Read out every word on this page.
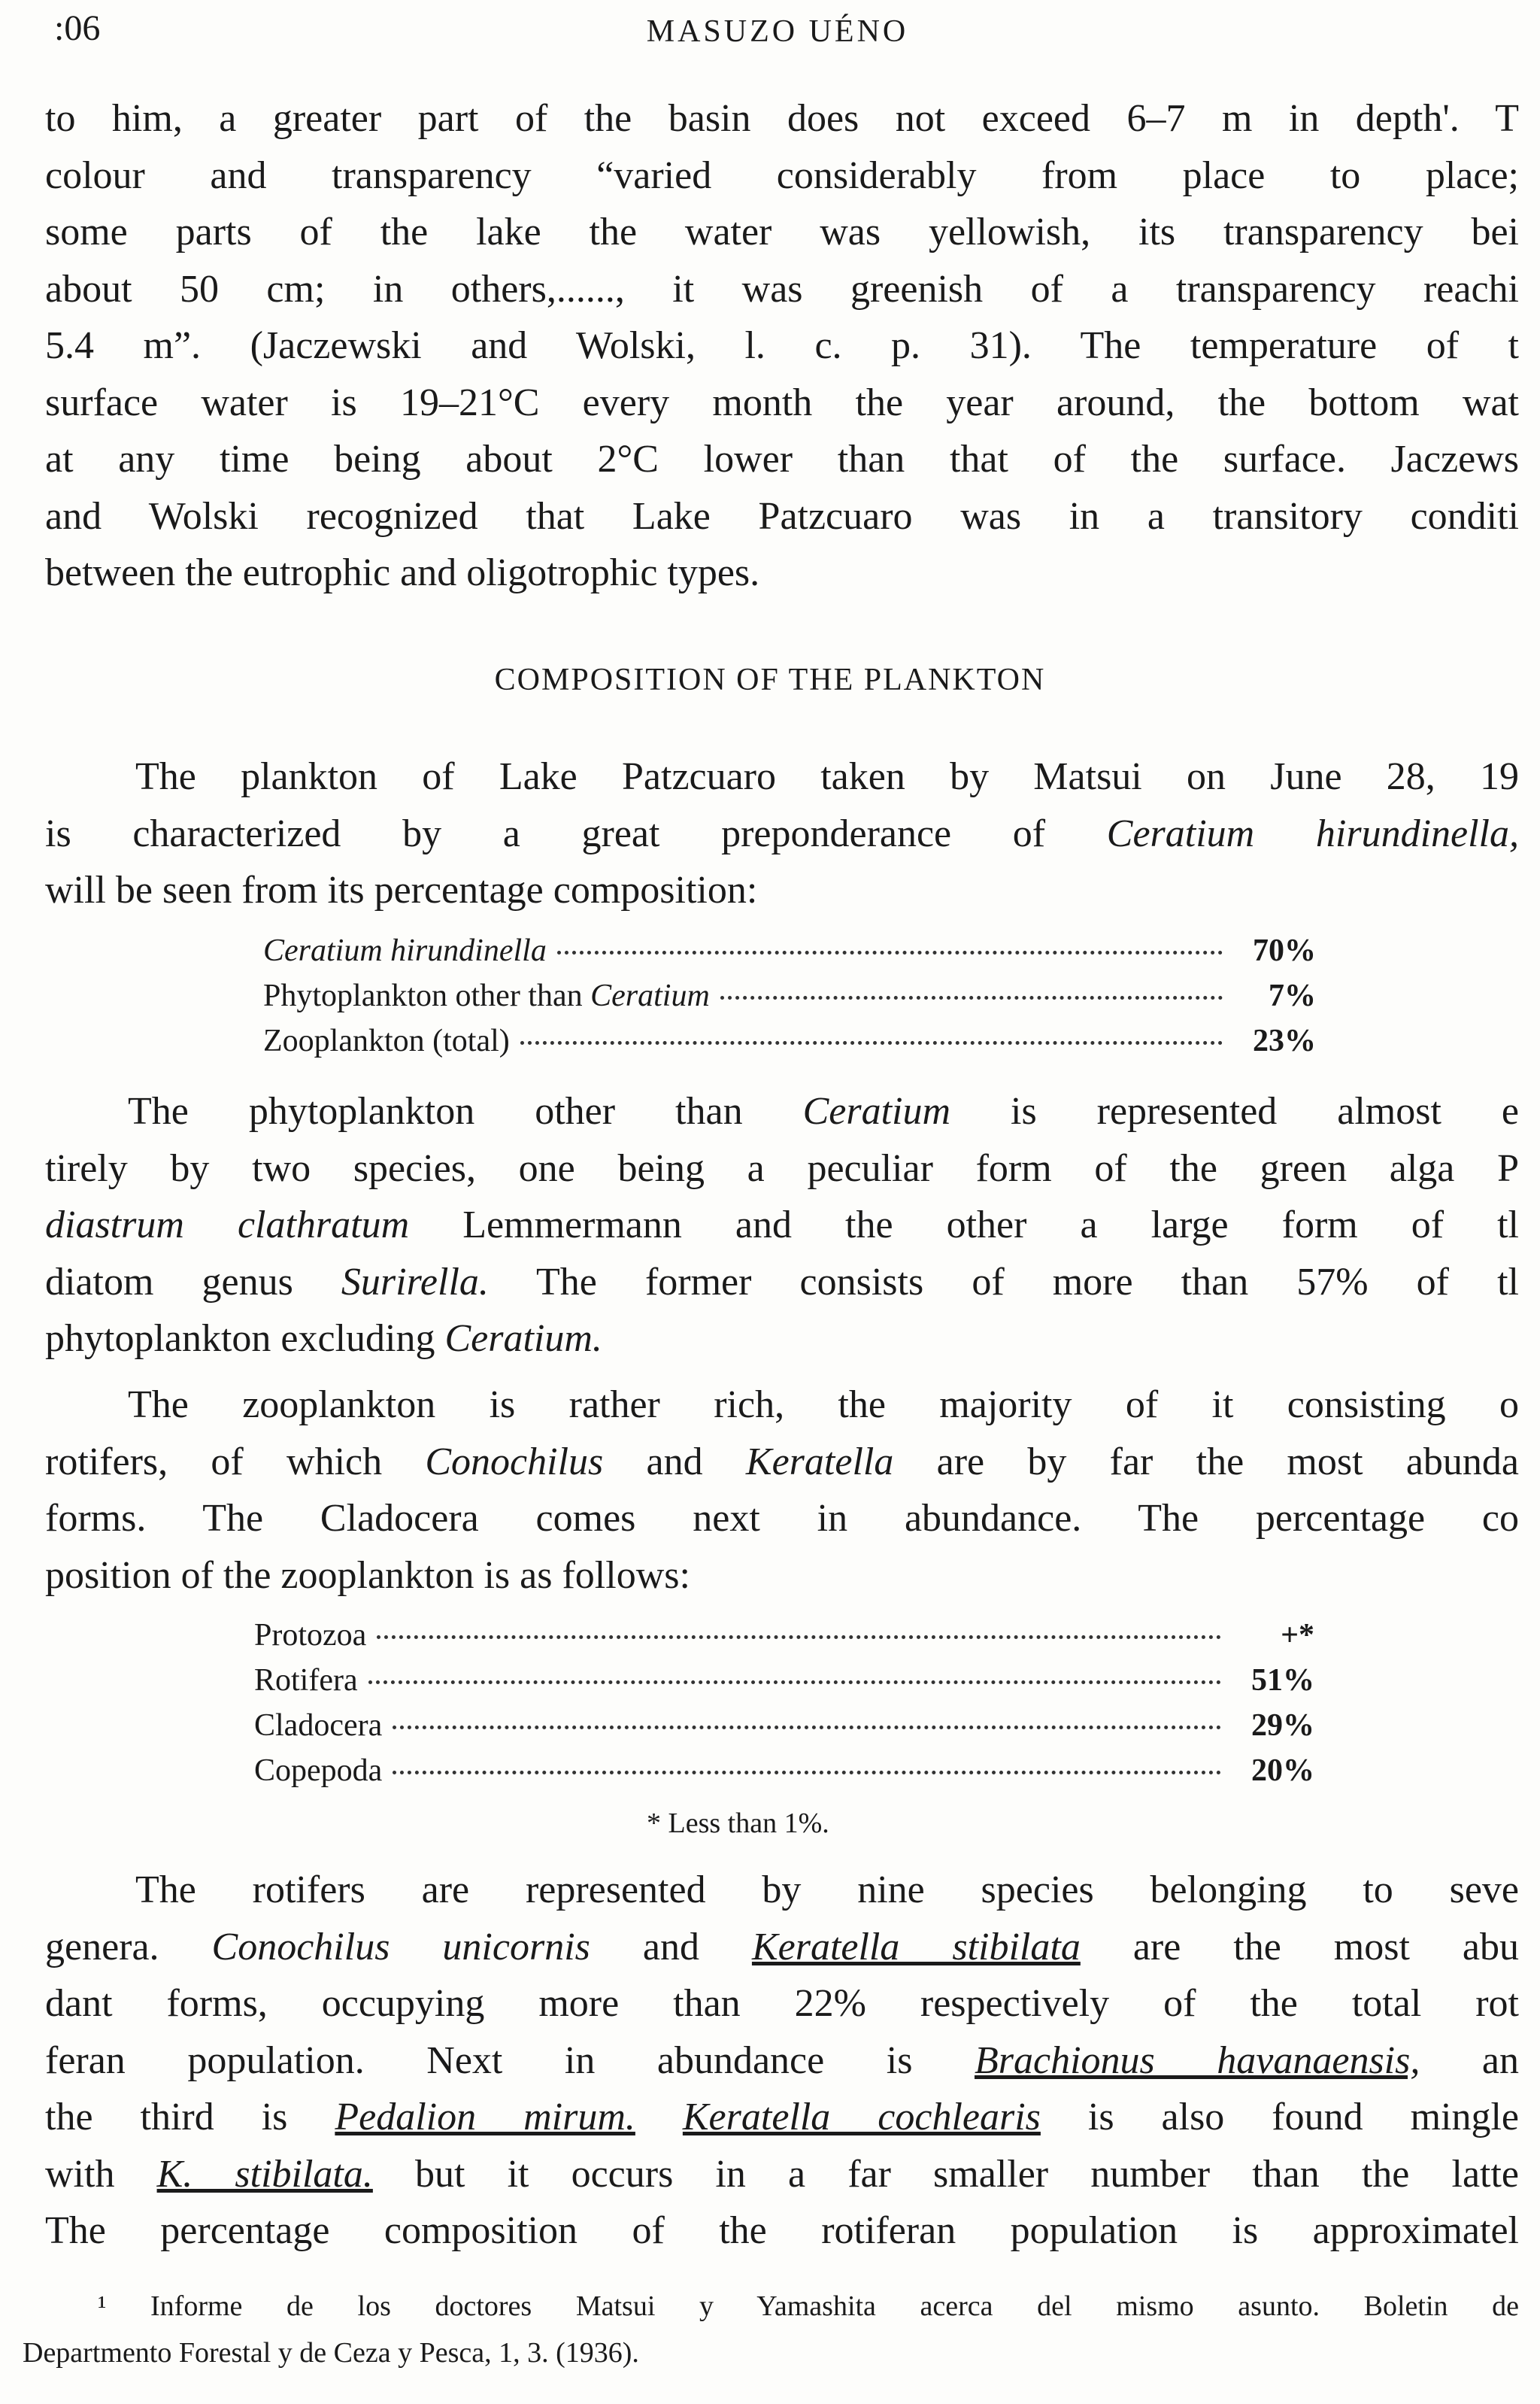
:06	MASUZO UÉNO

to him, a greater part of the basin does not exceed 6–7 m in depth'. T

colour and transparency “varied considerably from place to place;

some parts of the lake the water was yellowish, its transparency bei

about 50 cm; in others,......, it was greenish of a transparency reachi

5.4 m”. (Jaczewski and Wolski, l. c. p. 31). The temperature of t

surface water is 19–21°C every month the year around, the bottom wat

at any time being about 2°C lower than that of the surface. Jaczews

and Wolski recognized that Lake Patzcuaro was in a transitory conditi

between the eutrophic and oligotrophic types.

COMPOSITION OF THE PLANKTON

The plankton of Lake Patzcuaro taken by Matsui on June 28, 19

is characterized by a great preponderance of Ceratium hirundinella,

will be seen from its percentage composition:

Ceratium hirundinella	70%
Phytoplankton other than Ceratium	7%
Zooplankton (total)	23%

The phytoplankton other than Ceratium is represented almost e

tirely by two species, one being a peculiar form of the green alga P

diastrum clathratum Lemmermann and the other a large form of tl

diatom genus Surirella. The former consists of more than 57% of tl

phytoplankton excluding Ceratium.

The zooplankton is rather rich, the majority of it consisting o

rotifers, of which Conochilus and Keratella are by far the most abunda

forms. The Cladocera comes next in abundance. The percentage co

position of the zooplankton is as follows:

Protozoa	+*
Rotifera	51%
Cladocera	29%
Copepoda	20%
* Less than 1%.

The rotifers are represented by nine species belonging to seve

genera. Conochilus unicornis and Keratella stibilata are the most abu

dant forms, occupying more than 22% respectively of the total rot

feran population. Next in abundance is Brachionus havanaensis, an

the third is Pedalion mirum. Keratella cochlearis is also found mingle

with K. stibilata. but it occurs in a far smaller number than the latte

The percentage composition of the rotiferan population is approximatel

¹ Informe de los doctores Matsui y Yamashita acerca del mismo asunto. Boletin de

Departmento Forestal y de Ceza y Pesca, 1, 3. (1936).
